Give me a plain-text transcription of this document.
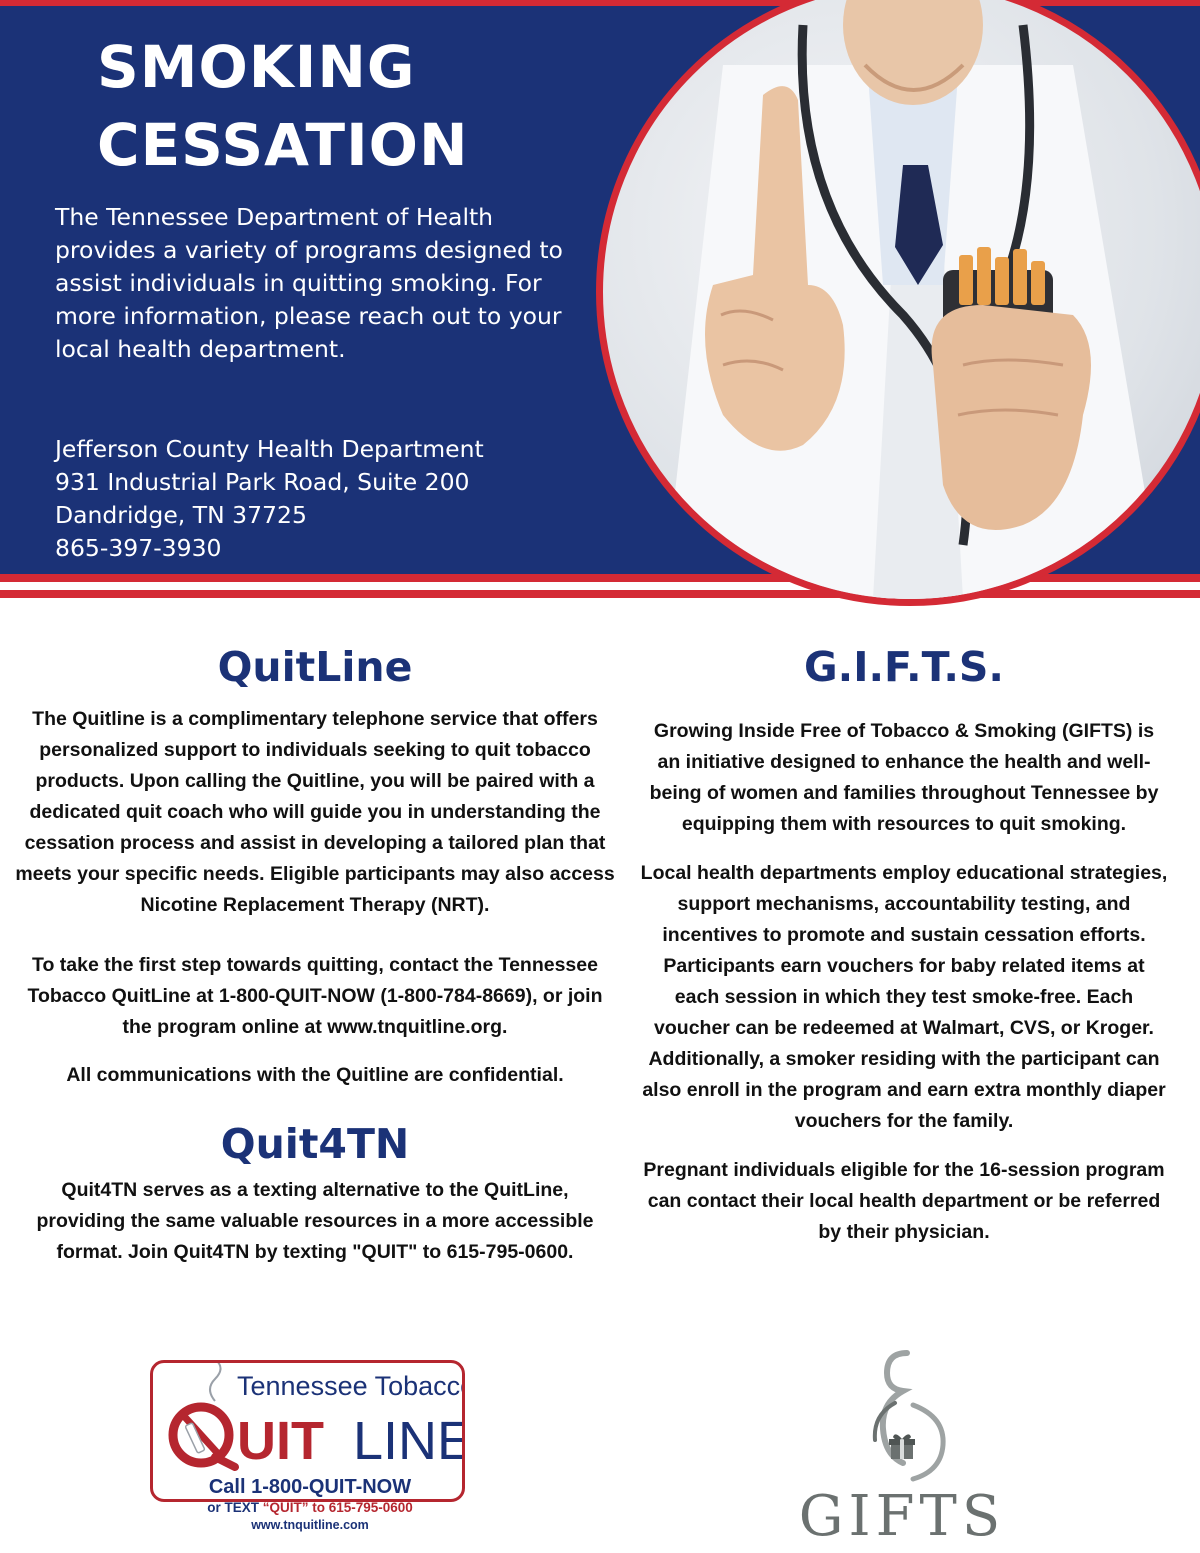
SMOKING
CESSATION

The Tennessee Department of Health provides a variety of programs designed to assist individuals in quitting smoking. For more information, please reach out to your local health department.

Jefferson County Health Department
931 Industrial Park Road, Suite 200
Dandridge, TN 37725
865-397-3930
QuitLine

The Quitline is a complimentary telephone service that offers personalized support to individuals seeking to quit tobacco products. Upon calling the Quitline, you will be paired with a dedicated quit coach who will guide you in understanding the cessation process and assist in developing a tailored plan that meets your specific needs. Eligible participants may also access Nicotine Replacement Therapy (NRT).

To take the first step towards quitting, contact the Tennessee Tobacco QuitLine at 1-800-QUIT-NOW (1-800-784-8669), or join the program online at www.tnquitline.org.

All communications with the Quitline are confidential.

Quit4TN

Quit4TN serves as a texting alternative to the QuitLine, providing the same valuable resources in a more accessible format. Join Quit4TN by texting "QUIT" to 615-795-0600.

Tennessee Tobacco
UIT LINE
Call 1-800-QUIT-NOW
or TEXT “QUIT” to 615-795-0600
www.tnquitline.com
G.I.F.T.S.

Growing Inside Free of Tobacco & Smoking (GIFTS) is an initiative designed to enhance the health and well-being of women and families throughout Tennessee by equipping them with resources to quit smoking.

Local health departments employ educational strategies, support mechanisms, accountability testing, and incentives to promote and sustain cessation efforts. Participants earn vouchers for baby related items at each session in which they test smoke-free. Each voucher can be redeemed at Walmart, CVS, or Kroger. Additionally, a smoker residing with the participant can also enroll in the program and earn extra monthly diaper vouchers for the family.

Pregnant individuals eligible for the 16-session program can contact their local health department or be referred by their physician.

GIFTS
